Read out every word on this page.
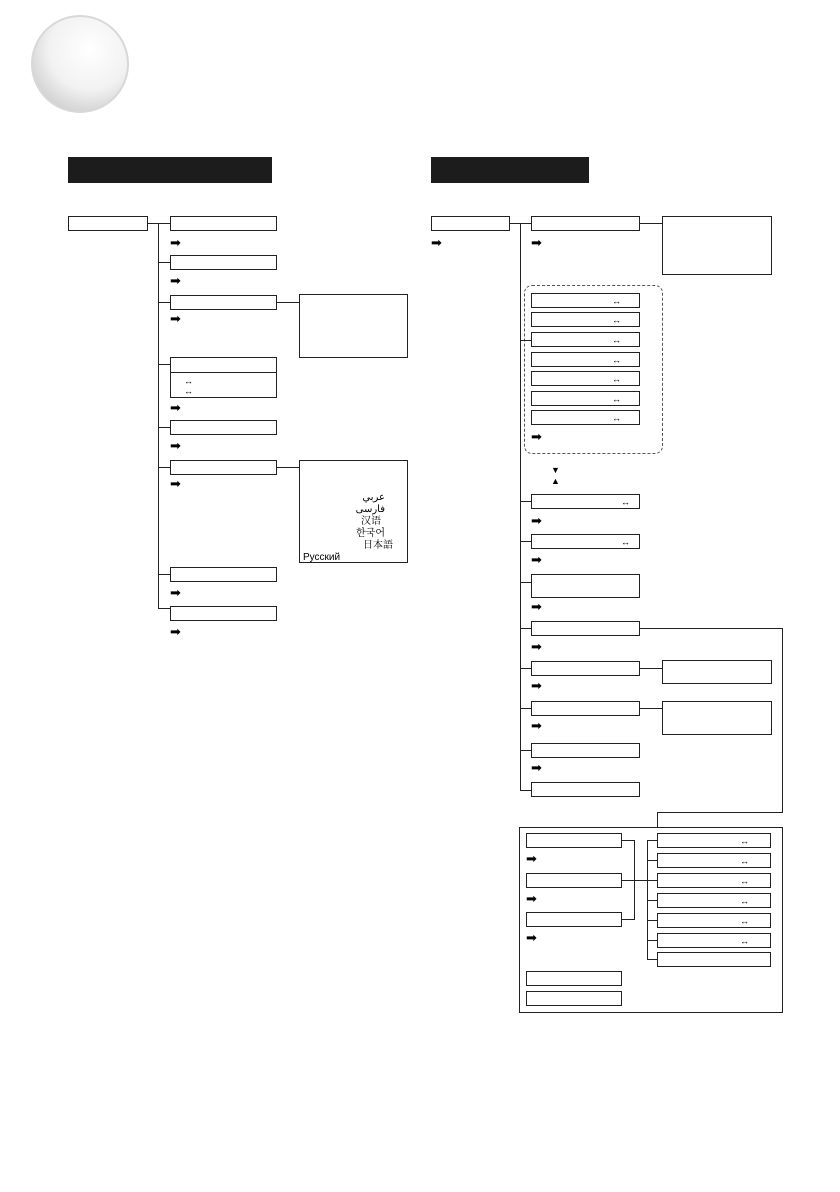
➡
➡
➡
↔
↔
➡
➡
➡
عربي
فارسی
汉语
한국어
日本語
Русский
➡
➡
➡	➡
↔
↔
↔
↔
↔
↔
↔
➡
▼
▲
↔
➡
↔
➡
➡
➡
➡
➡
➡
➡
➡
➡
↔
↔
↔
↔
↔
↔
